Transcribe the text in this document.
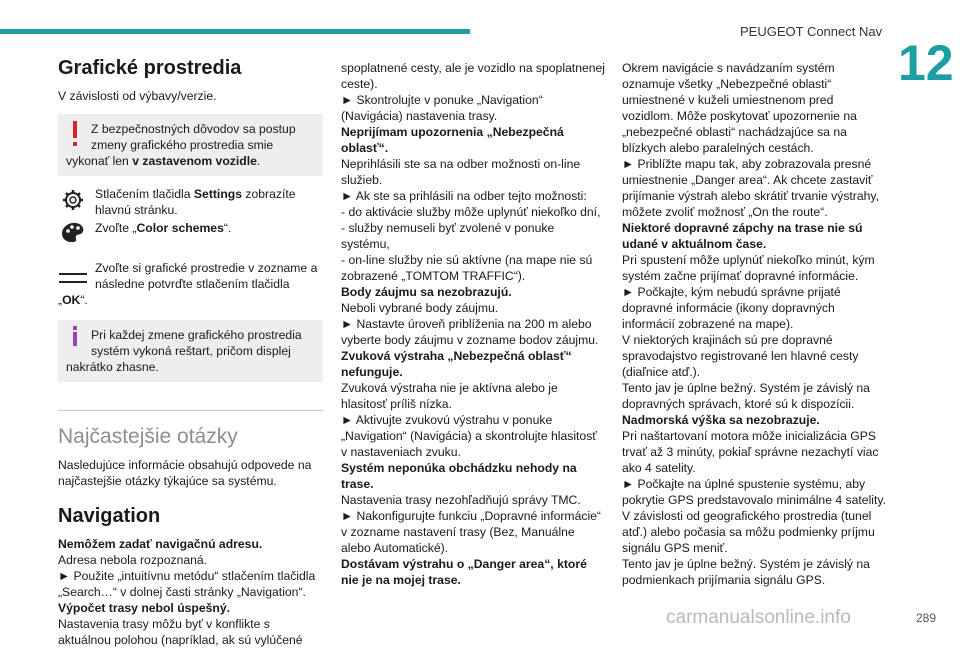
PEUGEOT Connect Nav
12
Grafické prostredia

V závislosti od výbavy/verzie.

Z bezpečnostných dôvodov sa postup
zmeny grafického prostredia smie
vykonať len v zastavenom vozidle.
Stlačením tlačidla Settings zobrazíte
hlavnú stránku.
Zvoľte „Color schemes“.
Zvoľte si grafické prostredie v zozname a
následne potvrďte stlačením tlačidla
„OK“.
Pri každej zmene grafického prostredia
systém vykoná reštart, pričom displej
nakrátko zhasne.
Najčastejšie otázky

Nasledujúce informácie obsahujú odpovede na

najčastejšie otázky týkajúce sa systému.

Navigation

Nemôžem zadať navigačnú adresu.

Adresa nebola rozpoznaná.

► Použite „intuitívnu metódu“ stlačením tlačidla

„Search…“ v dolnej časti stránky „Navigation“.

Výpočet trasy nebol úspešný.

Nastavenia trasy môžu byť v konflikte s

aktuálnou polohou (napríklad, ak sú vylúčené

spoplatnené cesty, ale je vozidlo na spoplatnenej

ceste).

► Skontrolujte v ponuke „Navigation“

(Navigácia) nastavenia trasy.

Neprijímam upozornenia „Nebezpečná

oblasť“.

Neprihlásili ste sa na odber možnosti on-line

služieb.

► Ak ste sa prihlásili na odber tejto možnosti:

- do aktivácie služby môže uplynúť niekoľko dní,

- služby nemuseli byť zvolené v ponuke systému,

- on-line služby nie sú aktívne (na mape nie sú

zobrazené „TOMTOM TRAFFIC“).

Body záujmu sa nezobrazujú.

Neboli vybrané body záujmu.

► Nastavte úroveň priblíženia na 200 m alebo

vyberte body záujmu v zozname bodov záujmu.

Zvuková výstraha „Nebezpečná oblasť“

nefunguje.

Zvuková výstraha nie je aktívna alebo je

hlasitosť príliš nízka.

► Aktivujte zvukovú výstrahu v ponuke

„Navigation“ (Navigácia) a skontrolujte hlasitosť

v nastaveniach zvuku.

Systém neponúka obchádzku nehody na

trase.

Nastavenia trasy nezohľadňujú správy TMC.

► Nakonfigurujte funkciu „Dopravné informácie“

v zozname nastavení trasy (Bez, Manuálne

alebo Automatické).

Dostávam výstrahu o „Danger area“, ktoré

nie je na mojej trase.

Okrem navigácie s navádzaním systém

oznamuje všetky „Nebezpečné oblasti“

umiestnené v kuželi umiestnenom pred

vozidlom. Môže poskytovať upozornenie na

„nebezpečné oblasti“ nachádzajúce sa na

blízkych alebo paralelných cestách.

► Priblížte mapu tak, aby zobrazovala presné

umiestnenie „Danger area“. Ak chcete zastaviť

prijímanie výstrah alebo skrátiť trvanie výstrahy,

môžete zvoliť možnosť „On the route“.

Niektoré dopravné zápchy na trase nie sú

udané v aktuálnom čase.

Pri spustení môže uplynúť niekoľko minút, kým

systém začne prijímať dopravné informácie.

► Počkajte, kým nebudú správne prijaté

dopravné informácie (ikony dopravných

informácií zobrazené na mape).

V niektorých krajinách sú pre dopravné

spravodajstvo registrované len hlavné cesty

(diaľnice atď.).

Tento jav je úplne bežný. Systém je závislý na

dopravných správach, ktoré sú k dispozícii.

Nadmorská výška sa nezobrazuje.

Pri naštartovaní motora môže inicializácia GPS

trvať až 3 minúty, pokiaľ správne nezachytí viac

ako 4 satelity.

► Počkajte na úplné spustenie systému, aby

pokrytie GPS predstavovalo minimálne 4 satelity.

V závislosti od geografického prostredia (tunel

atď.) alebo počasia sa môžu podmienky príjmu

signálu GPS meniť.

Tento jav je úplne bežný. Systém je závislý na

podmienkach prijímania signálu GPS.

carmanualsonline.info	289
